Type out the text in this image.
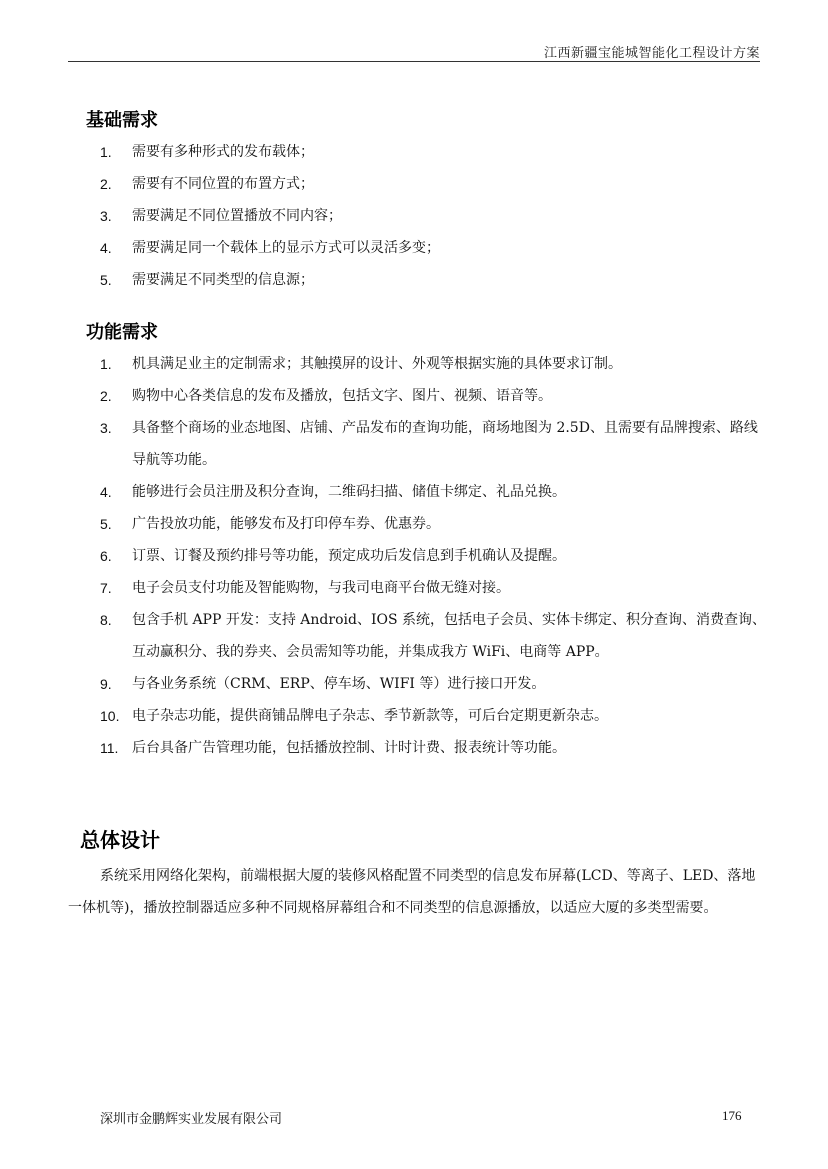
江西新疆宝能城智能化工程设计方案
基础需求
1. 需要有多种形式的发布载体；
2. 需要有不同位置的布置方式；
3. 需要满足不同位置播放不同内容；
4. 需要满足同一个载体上的显示方式可以灵活多变；
5. 需要满足不同类型的信息源；
功能需求
1. 机具满足业主的定制需求；其触摸屏的设计、外观等根据实施的具体要求订制。
2. 购物中心各类信息的发布及播放，包括文字、图片、视频、语音等。
3. 具备整个商场的业态地图、店铺、产品发布的查询功能，商场地图为 2.5D、且需要有品牌搜索、路线导航等功能。
4. 能够进行会员注册及积分查询，二维码扫描、储值卡绑定、礼品兑换。
5. 广告投放功能，能够发布及打印停车券、优惠券。
6. 订票、订餐及预约排号等功能，预定成功后发信息到手机确认及提醒。
7. 电子会员支付功能及智能购物，与我司电商平台做无缝对接。
8. 包含手机 APP 开发：支持 Android、IOS 系统，包括电子会员、实体卡绑定、积分查询、消费查询、互动赢积分、我的券夹、会员需知等功能，并集成我方 WiFi、电商等 APP。
9. 与各业务系统（CRM、ERP、停车场、WIFI 等）进行接口开发。
10. 电子杂志功能，提供商铺品牌电子杂志、季节新款等，可后台定期更新杂志。
11. 后台具备广告管理功能，包括播放控制、计时计费、报表统计等功能。
总体设计

系统采用网络化架构，前端根据大厦的装修风格配置不同类型的信息发布屏幕(LCD、等离子、LED、落地一体机等)，播放控制器适应多种不同规格屏幕组合和不同类型的信息源播放，以适应大厦的多类型需要。

深圳市金鹏辉实业发展有限公司	176
